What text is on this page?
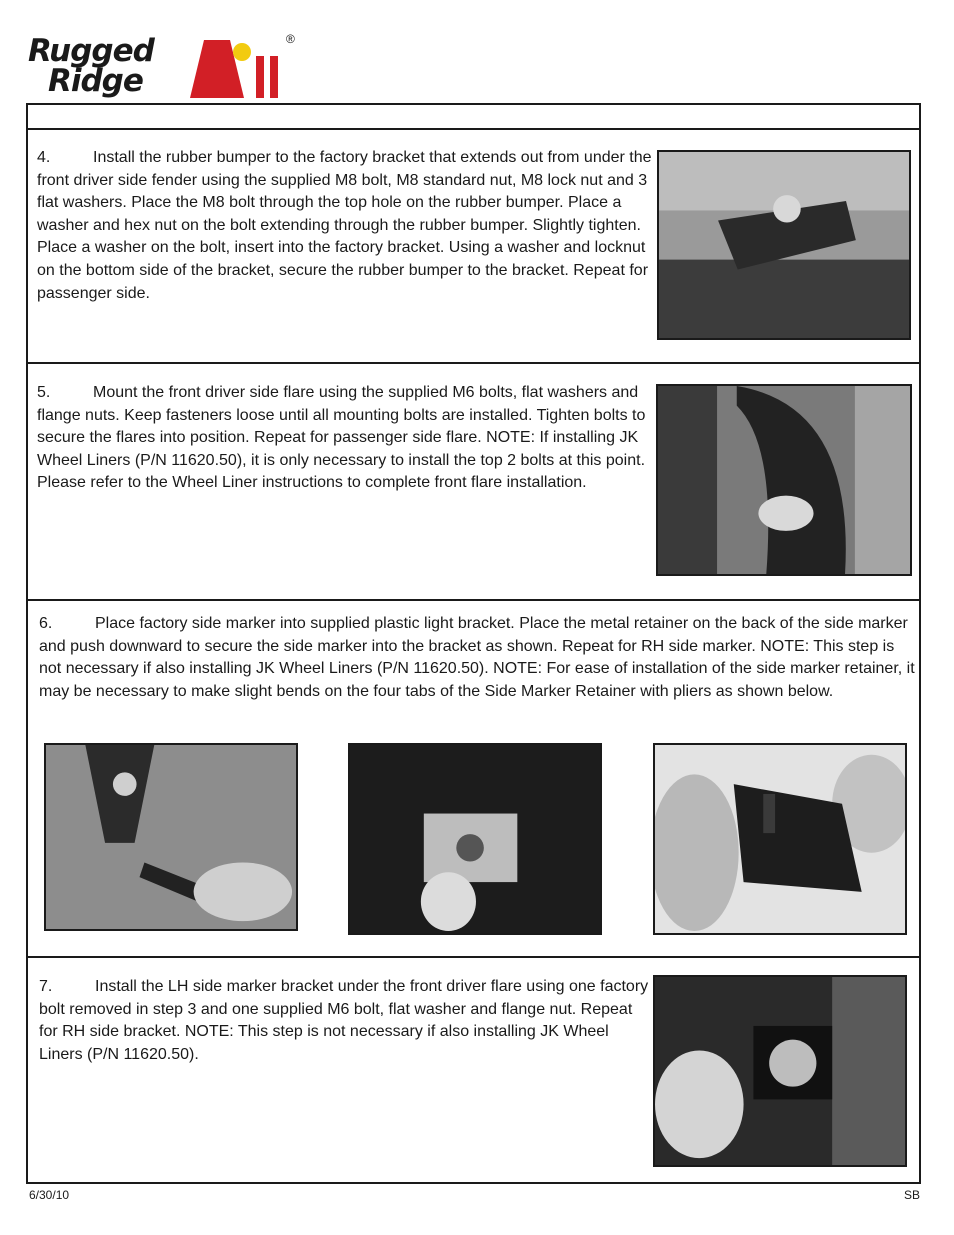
Rugged
Ridge
®
4.	Install the rubber bumper to the factory bracket that extends out from under the front driver side fender using the supplied M8 bolt, M8 standard nut, M8 lock nut and 3 flat washers. Place the M8 bolt through the top hole on the rubber bumper. Place a washer and hex nut on the bolt extending through the rubber bumper. Slightly tighten. Place a washer on the bolt, insert into the factory bracket. Using a washer and locknut on the bottom side of the bracket, secure the rubber bumper to the bracket. Repeat for passenger side.
5.	Mount the front driver side flare using the supplied M6 bolts, flat washers and flange nuts. Keep fasteners loose until all mounting bolts are installed. Tighten bolts to secure the flares into position. Repeat for passenger side flare. NOTE: If installing JK Wheel Liners (P/N 11620.50), it is only necessary to install the top 2 bolts at this point. Please refer to the Wheel Liner instructions to complete front flare installation.
6.	Place factory side marker into supplied plastic light bracket. Place the metal retainer on the back of the side marker and push downward to secure the side marker into the bracket as shown. Repeat for RH side marker. NOTE: This step is not necessary if also installing JK Wheel Liners (P/N 11620.50). NOTE: For ease of installation of the side marker retainer, it may be necessary to make slight bends on the four tabs of the Side Marker Retainer with pliers as shown below.
7.	Install the LH side marker bracket under the front driver flare using one factory bolt removed in step 3 and one supplied M6 bolt, flat washer and flange nut. Repeat for RH side bracket. NOTE: This step is not necessary if also installing JK Wheel Liners (P/N 11620.50).
6/30/10	SB
